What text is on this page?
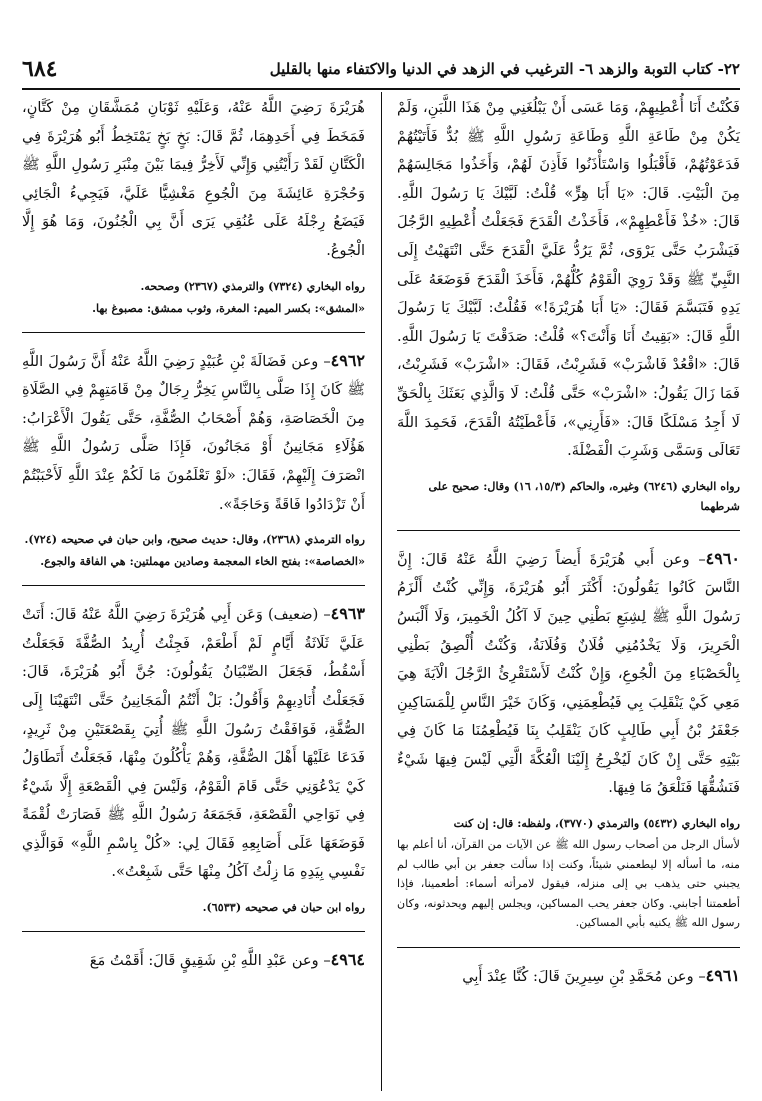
٢٢- كتاب التوبة والزهد ٦- الترغيب في الزهد في الدنيا والاكتفاء منها بالقليل
٦٨٤

فَكُنْتُ أَنَا أُعْطِيهِمْ، وَمَا عَسَى أَنْ يَبْلُغَنِي مِنْ هَذَا اللَّبَنِ، وَلَمْ يَكُنْ مِنْ طَاعَةِ اللَّهِ وَطَاعَةِ رَسُولِ اللَّهِ ﷺ بُدٌّ فَأَتَيْتُهُمْ فَدَعَوْتُهُمْ، فَأَقْبَلُوا وَاسْتَأْذَنُوا فَأَذِنَ لَهُمْ، وَأَخَذُوا مَجَالِسَهُمْ مِنَ الْبَيْتِ. قَالَ: «يَا أَبَا هِرٍّ» قُلْتُ: لَبَّيْكَ يَا رَسُولَ اللَّهِ. قَالَ: «خُذْ فَأَعْطِهِمْ»، فَأَخَذْتُ الْقَدَحَ فَجَعَلْتُ أُعْطِيهِ الرَّجُلَ فَيَشْرَبُ حَتَّى يَرْوَى، ثُمَّ يَرُدُّ عَلَيَّ الْقَدَحَ حَتَّى انْتَهَيْتُ إِلَى النَّبِيِّ ﷺ وَقَدْ رَوِيَ الْقَوْمُ كُلُّهُمْ، فَأَخَذَ الْقَدَحَ فَوَضَعَهُ عَلَى يَدِهِ فَتَبَسَّمَ فَقَالَ: «يَا أَبَا هُرَيْرَةَ!» فَقُلْتُ: لَبَّيْكَ يَا رَسُولَ اللَّهِ قَالَ: «بَقِيتُ أَنَا وَأَنْتَ؟» قُلْتُ: صَدَقْتَ يَا رَسُولَ اللَّهِ. قَالَ: «اقْعُدْ فَاشْرَبْ» فَشَرِبْتُ، فَقَالَ: «اشْرَبْ» فَشَرِبْتُ، فَمَا زَالَ يَقُولُ: «اشْرَبْ» حَتَّى قُلْتُ: لَا وَالَّذِي بَعَثَكَ بِالْحَقِّ لَا أَجِدُ مَسْلَكًا قَالَ: «فَأَرِنِي»، فَأَعْطَيْتُهُ الْقَدَحَ، فَحَمِدَ اللَّهَ تَعَالَى وَسَمَّى وَشَرِبَ الْفَضْلَةَ.

رواه البخاري (٦٢٤٦) وغيره، والحاكم (١٥/٣، ١٦) وقال: صحيح على شرطهما

٤٩٦٠– وعن أَبي هُرَيْرَةَ أَيضاً رَضِيَ اللَّهُ عَنْهُ قَالَ: إِنَّ النَّاسَ كَانُوا يَقُولُونَ: أَكْثَرَ أَبُو هُرَيْرَةَ، وَإِنِّي كُنْتُ أَلْزَمُ رَسُولَ اللَّهِ ﷺ لِشِبَعِ بَطْنِي حِينَ لَا آكُلُ الْخَمِيرَ، وَلَا أَلْبَسُ الْحَرِيرَ، وَلَا يَخْدُمُنِي فُلَانٌ وَفُلَانَةُ، وَكُنْتُ أُلْصِقُ بَطْنِي بِالْحَصْبَاءِ مِنَ الْجُوعِ، وَإِنْ كُنْتُ لَأَسْتَقْرِئُ الرَّجُلَ الْآيَةَ هِيَ مَعِي كَيْ يَنْقَلِبَ بِي فَيُطْعِمَنِي، وَكَانَ خَيْرَ النَّاسِ لِلْمَسَاكِينِ جَعْفَرُ بْنُ أَبِي طَالِبٍ كَانَ يَنْقَلِبُ بِنَا فَيُطْعِمُنَا مَا كَانَ فِي بَيْتِهِ حَتَّى إِنْ كَانَ لَيُخْرِجُ إِلَيْنَا الْعُكَّةَ الَّتِي لَيْسَ فِيهَا شَيْءٌ فَنَشُقُّهَا فَنَلْعَقُ مَا فِيهَا.

رواه البخاري (٥٤٣٢) والترمذي (٣٧٧٠)، ولفظه: قال: إن كنت

لأسأل الرجل من أصحاب رسول الله ﷺ عن الآيات من القرآن، أنا أعلم بها منه، ما أسأله إلا ليطعمني شيئاً، وكنت إذا سألت جعفر بن أبي طالب لم يجبني حتى يذهب بي إلى منزله، فيقول لامرأته أسماء: أطعمينا، فإذا أطعمتنا أجابني. وكان جعفر يحب المساكين، ويجلس إليهم ويحدثونه، وكان رسول الله ﷺ يكنيه بأبي المساكين.

٤٩٦١– وعن مُحَمَّدِ بْنِ سِيرِينَ قَالَ: كُنَّا عِنْدَ أَبِي

هُرَيْرَةَ رَضِيَ اللَّهُ عَنْهُ، وَعَلَيْهِ ثَوْبَانِ مُمَشَّقَانِ مِنْ كَتَّانٍ، فَمَخَطَ فِي أَحَدِهِمَا، ثُمَّ قَالَ: بَخٍ بَخٍ يَمْتَخِطُ أَبُو هُرَيْرَةَ فِي الْكَتَّانِ لَقَدْ رَأَيْتُنِي وَإِنِّي لَأَخِرُّ فِيمَا بَيْنَ مِنْبَرِ رَسُولِ اللَّهِ ﷺ وَحُجْرَةِ عَائِشَةَ مِنَ الْجُوعِ مَغْشِيًّا عَلَيَّ، فَيَجِيءُ الْجَائِي فَيَضَعُ رِجْلَهُ عَلَى عُنُقِي يَرَى أَنَّ بِي الْجُنُونَ، وَمَا هُوَ إِلَّا الْجُوعُ.

رواه البخاري (٧٣٢٤) والترمذي (٢٣٦٧) وصححه.

«المشق»: بكسر الميم: المغرة، وثوب ممشق: مصبوغ بها.

٤٩٦٢– وعن فَضَالَةَ بْنِ عُبَيْدٍ رَضِيَ اللَّهُ عَنْهُ أَنَّ رَسُولَ اللَّهِ ﷺ كَانَ إِذَا صَلَّى بِالنَّاسِ يَخِرُّ رِجَالٌ مِنْ قَامَتِهِمْ فِي الصَّلَاةِ مِنَ الْخَصَاصَةِ، وَهُمْ أَصْحَابُ الصُّفَّةِ، حَتَّى يَقُولَ الْأَعْرَابُ: هَؤُلَاءِ مَجَانِينُ أَوْ مَجَانُونَ، فَإِذَا صَلَّى رَسُولُ اللَّهِ ﷺ انْصَرَفَ إِلَيْهِمْ، فَقَالَ: «لَوْ تَعْلَمُونَ مَا لَكُمْ عِنْدَ اللَّهِ لَأَحْبَبْتُمْ أَنْ تَزْدَادُوا فَاقَةً وَحَاجَةً».

رواه الترمذي (٢٣٦٨)، وقال: حديث صحيح، وابن حبان في صحيحه (٧٢٤).

«الخصاصة»: بفتح الخاء المعجمة وصادين مهملتين: هي الفاقة والجوع.

٤٩٦٣– (ضعيف) وَعَن أَبِي هُرَيْرَةَ رَضِيَ اللَّهُ عَنْهُ قَالَ: أَتَتْ عَلَيَّ ثَلَاثَةُ أَيَّامٍ لَمْ أَطْعَمْ، فَجِئْتُ أُرِيدُ الصُّفَّةَ فَجَعَلْتُ أَسْقُطُ، فَجَعَلَ الصِّبْيَانُ يَقُولُونَ: جُنَّ أَبُو هُرَيْرَةَ، قَالَ: فَجَعَلْتُ أُنَادِيهِمْ وَأَقُولُ: بَلْ أَنْتُمُ الْمَجَانِينُ حَتَّى انْتَهَيْنَا إِلَى الصُّفَّةِ، فَوَافَقْتُ رَسُولَ اللَّهِ ﷺ أُتِيَ بِقَصْعَتَيْنِ مِنْ ثَرِيدٍ، فَدَعَا عَلَيْهَا أَهْلَ الصُّفَّةِ، وَهُمْ يَأْكُلُونَ مِنْهَا، فَجَعَلْتُ أَتَطَاوَلُ كَيْ يَدْعُوَنِي حَتَّى قَامَ الْقَوْمُ، وَلَيْسَ فِي الْقَصْعَةِ إِلَّا شَيْءٌ فِي نَوَاحِي الْقَصْعَةِ، فَجَمَعَهُ رَسُولُ اللَّهِ ﷺ فَصَارَتْ لُقْمَةً فَوَضَعَهَا عَلَى أَصَابِعِهِ فَقَالَ لِي: «كُلْ بِاسْمِ اللَّهِ» فَوَالَّذِي نَفْسِي بِيَدِهِ مَا زِلْتُ آكُلُ مِنْهَا حَتَّى شَبِعْتُ».

رواه ابن حبان في صحيحه (٦٥٣٣).

٤٩٦٤– وعن عَبْدِ اللَّهِ بْنِ شَقِيقٍ قَالَ: أَقَمْتُ مَعَ
